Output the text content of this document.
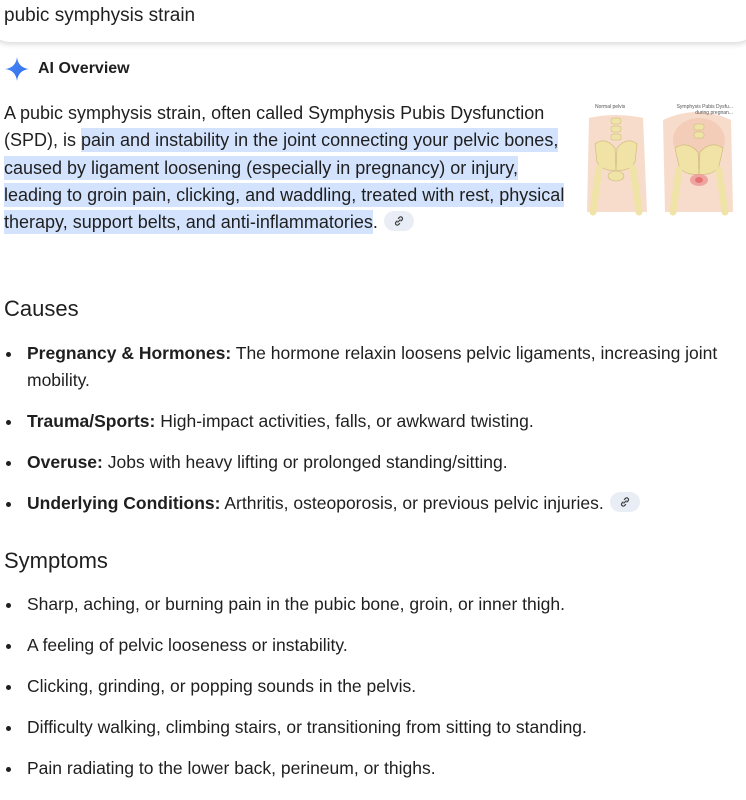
pubic symphysis strain
AI Overview

A pubic symphysis strain, often called Symphysis Pubis Dysfunction (SPD), is pain and instability in the joint connecting your pelvic bones, caused by ligament loosening (especially in pregnancy) or injury, leading to groin pain, clicking, and waddling, treated with rest, physical therapy, support belts, and anti-inflammatories.

Normal pelvis	Symphysis Pubis Dysfu...
during pregnan...
Causes
Pregnancy & Hormones: The hormone relaxin loosens pelvic ligaments, increasing joint mobility.
Trauma/Sports: High-impact activities, falls, or awkward twisting.
Overuse: Jobs with heavy lifting or prolonged standing/sitting.
Underlying Conditions: Arthritis, osteoporosis, or previous pelvic injuries.
Symptoms
Sharp, aching, or burning pain in the pubic bone, groin, or inner thigh.
A feeling of pelvic looseness or instability.
Clicking, grinding, or popping sounds in the pelvis.
Difficulty walking, climbing stairs, or transitioning from sitting to standing.
Pain radiating to the lower back, perineum, or thighs.
